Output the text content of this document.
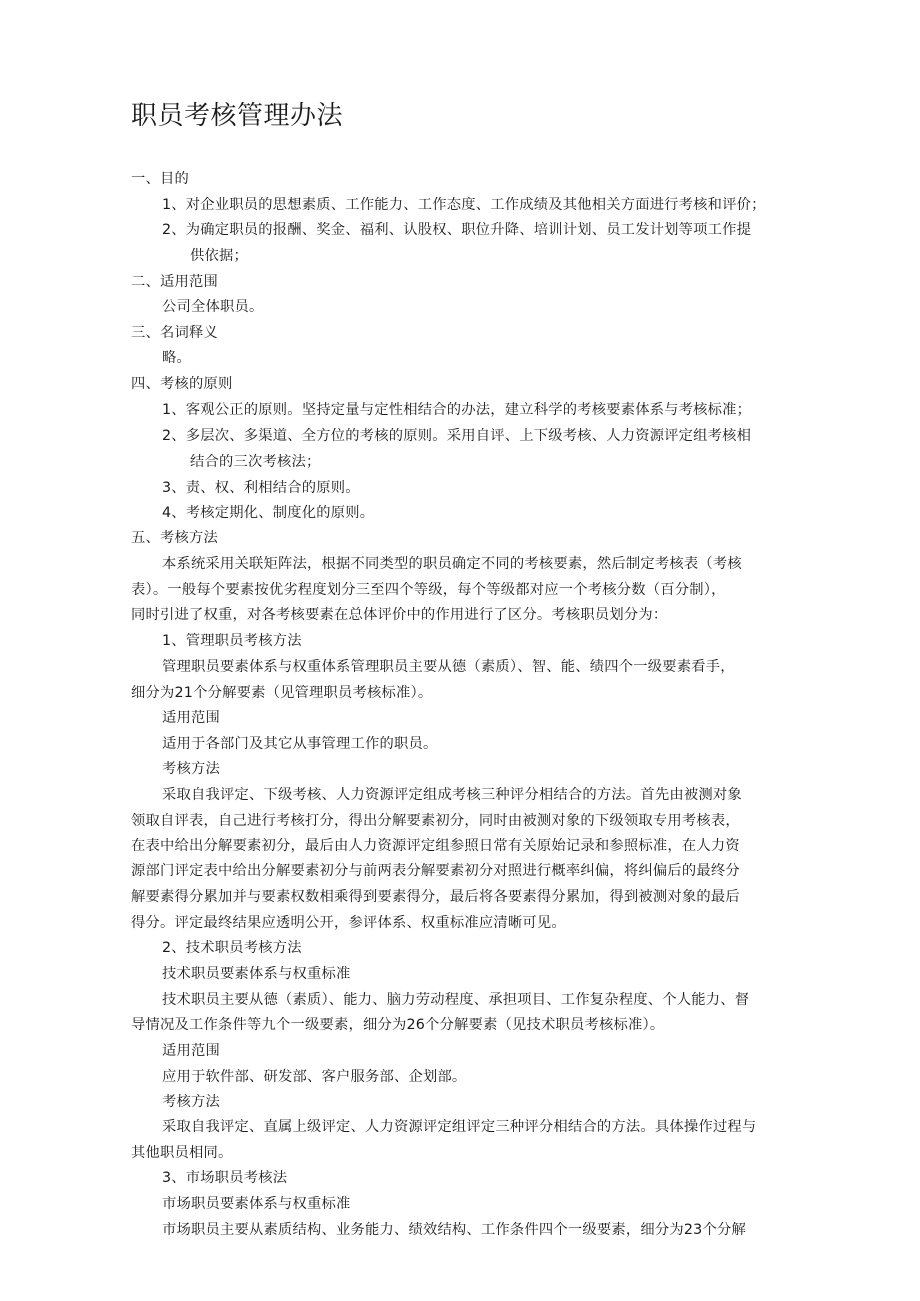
职员考核管理办法

一、目的

1、对企业职员的思想素质、工作能力、工作态度、工作成绩及其他相关方面进行考核和评价；

2、为确定职员的报酬、奖金、福利、认股权、职位升降、培训计划、员工发计划等项工作提

供依据；

二、适用范围

公司全体职员。

三、名词释义

略。

四、考核的原则

1、客观公正的原则。坚持定量与定性相结合的办法，建立科学的考核要素体系与考核标准；

2、多层次、多渠道、全方位的考核的原则。采用自评、上下级考核、人力资源评定组考核相

结合的三次考核法；

3、责、权、利相结合的原则。

4、考核定期化、制度化的原则。

五、考核方法

本系统采用关联矩阵法，根据不同类型的职员确定不同的考核要素，然后制定考核表（考核

表）。一般每个要素按优劣程度划分三至四个等级，每个等级都对应一个考核分数（百分制），

同时引进了权重，对各考核要素在总体评价中的作用进行了区分。考核职员划分为：

1、管理职员考核方法

管理职员要素体系与权重体系管理职员主要从德（素质）、智、能、绩四个一级要素看手，

细分为21个分解要素（见管理职员考核标准）。

适用范围

适用于各部门及其它从事管理工作的职员。

考核方法

采取自我评定、下级考核、人力资源评定组成考核三种评分相结合的方法。首先由被测对象

领取自评表，自己进行考核打分，得出分解要素初分，同时由被测对象的下级领取专用考核表，

在表中给出分解要素初分，最后由人力资源评定组参照日常有关原始记录和参照标准，在人力资

源部门评定表中给出分解要素初分与前两表分解要素初分对照进行概率纠偏，将纠偏后的最终分

解要素得分累加并与要素权数相乘得到要素得分，最后将各要素得分累加，得到被测对象的最后

得分。评定最终结果应透明公开，参评体系、权重标准应清晰可见。

2、技术职员考核方法

技术职员要素体系与权重标准

技术职员主要从德（素质）、能力、脑力劳动程度、承担项目、工作复杂程度、个人能力、督

导情况及工作条件等九个一级要素，细分为26个分解要素（见技术职员考核标准）。

适用范围

应用于软件部、研发部、客户服务部、企划部。

考核方法

采取自我评定、直属上级评定、人力资源评定组评定三种评分相结合的方法。具体操作过程与

其他职员相同。

3、市场职员考核法

市场职员要素体系与权重标准

市场职员主要从素质结构、业务能力、绩效结构、工作条件四个一级要素，细分为23个分解
